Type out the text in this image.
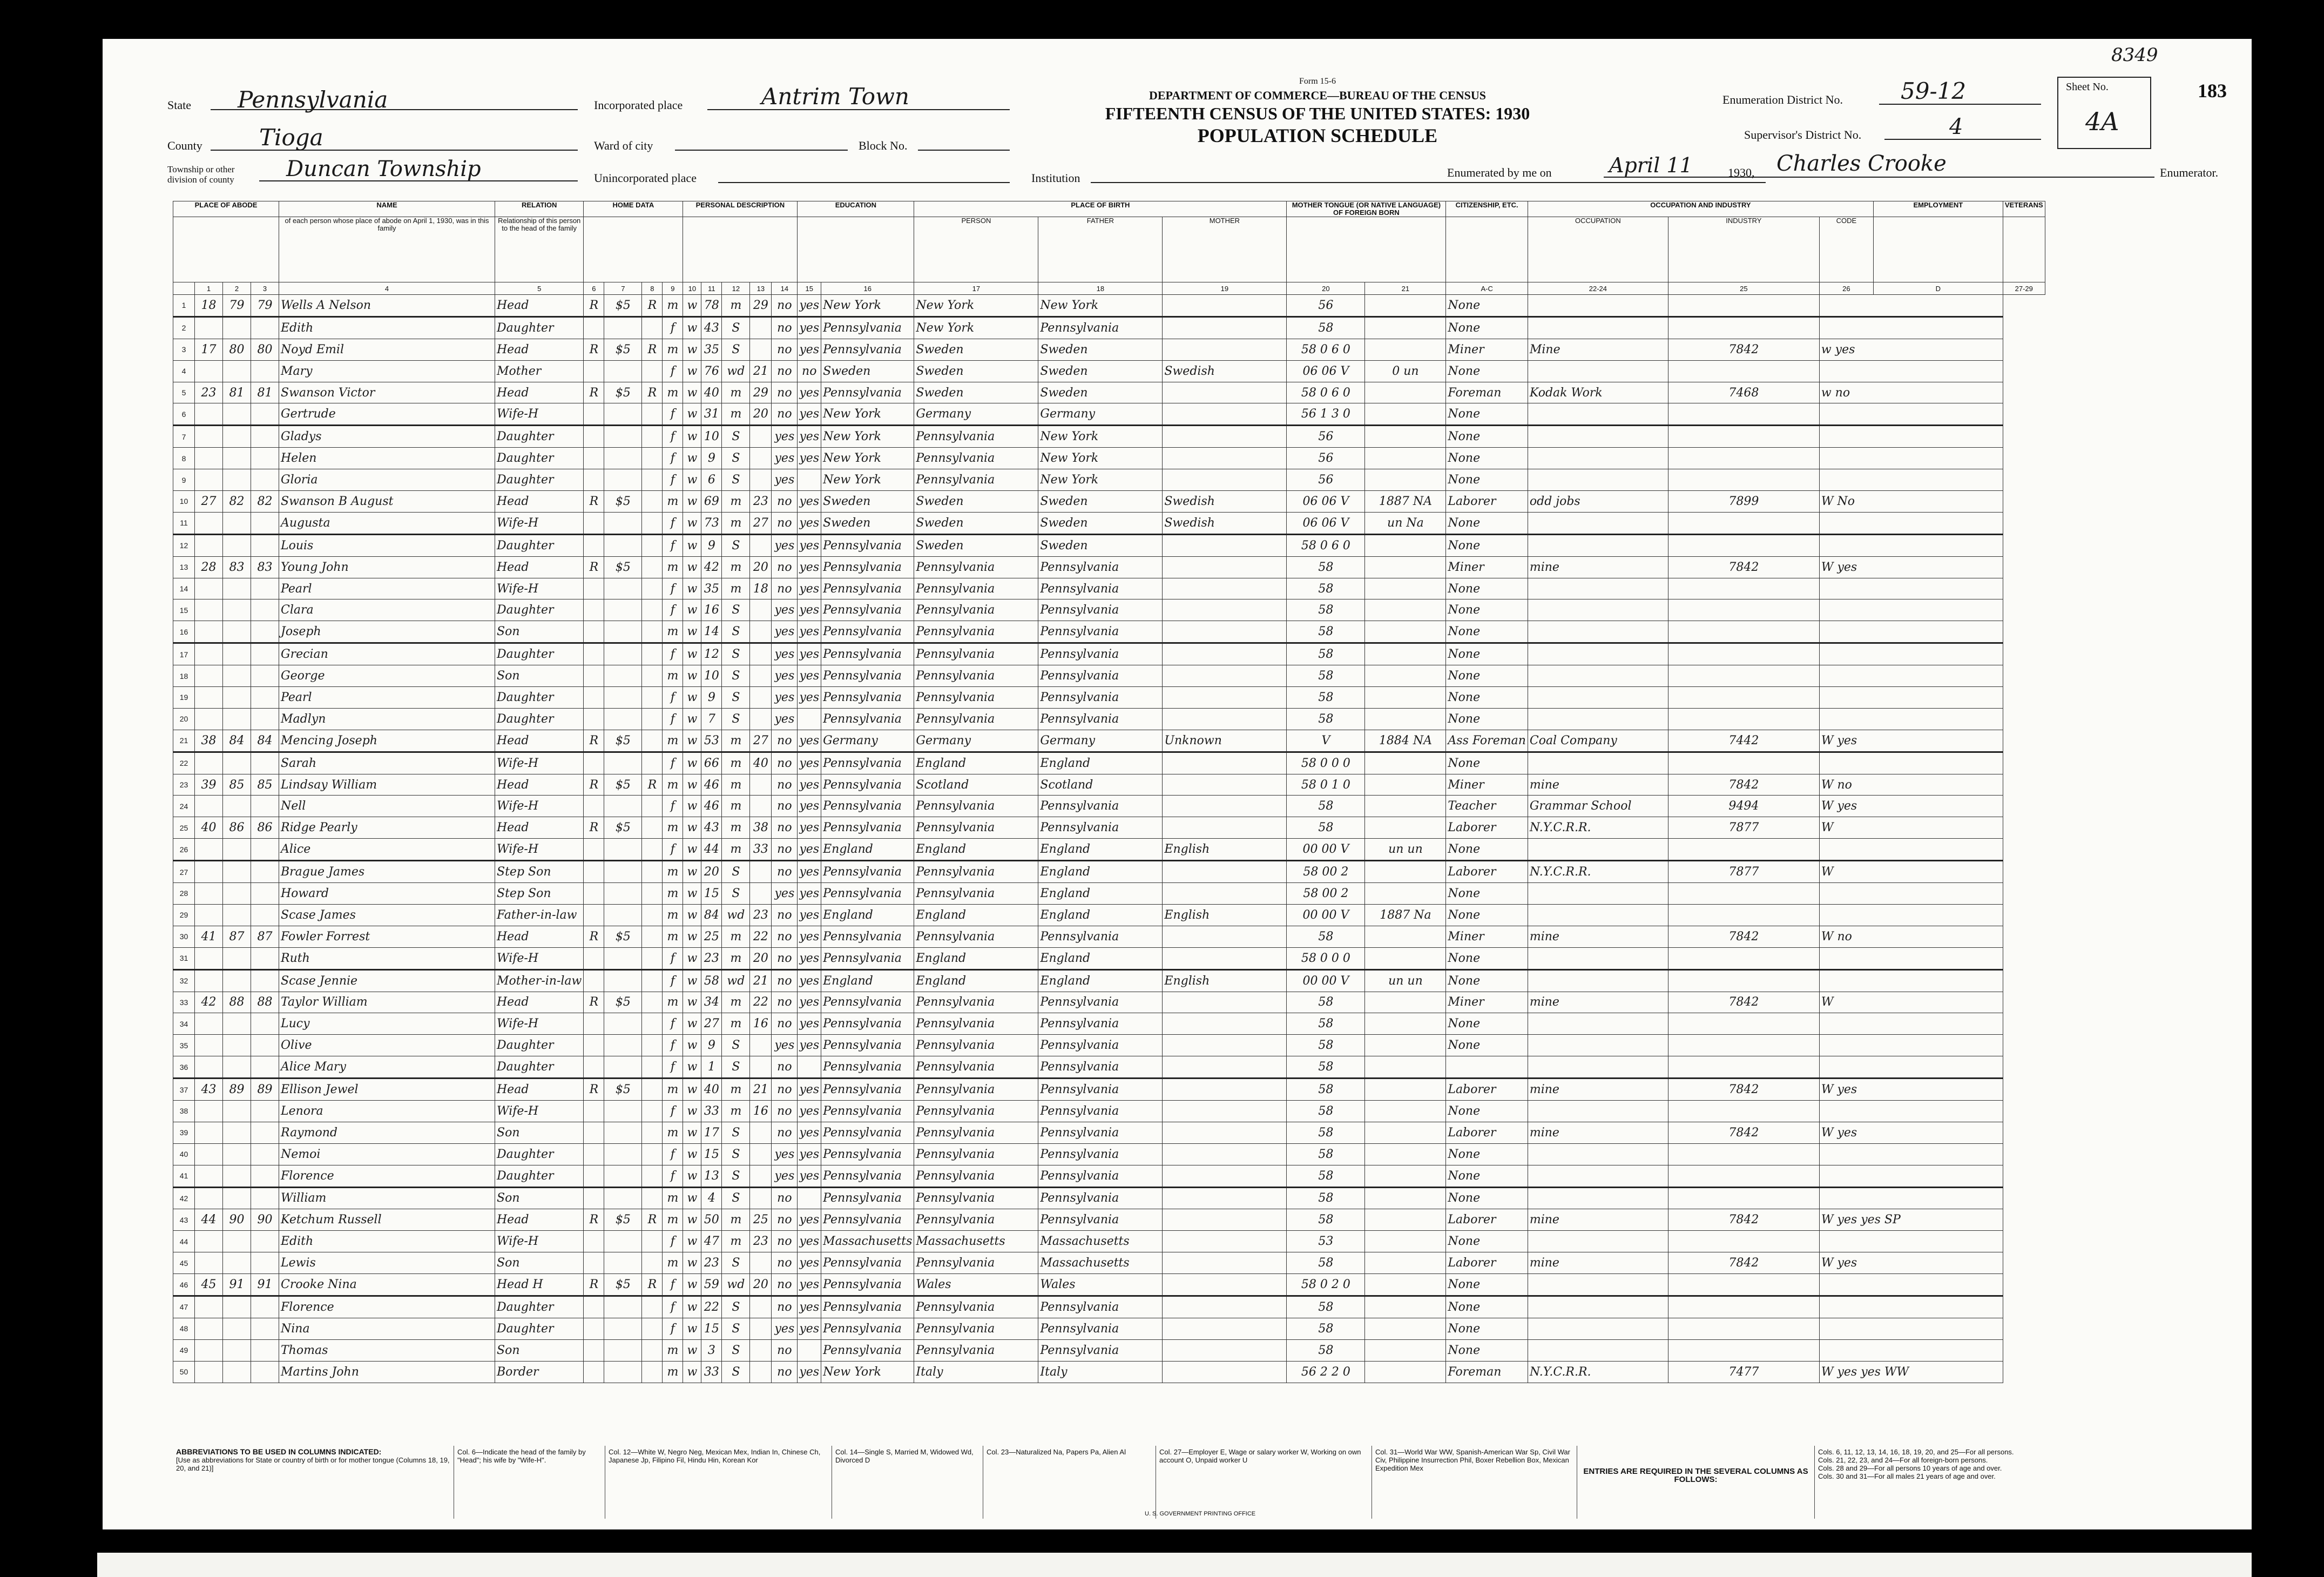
State Pennsylvania
County	Tioga
Township or other division of county	Duncan Township
Incorporated place	Antrim Town
Ward of city	Block No.
Unincorporated place
Form 15-6
DEPARTMENT OF COMMERCE—BUREAU OF THE CENSUS
FIFTEENTH CENSUS OF THE UNITED STATES: 1930
POPULATION SCHEDULE
Institution
8349
183
Enumeration District No.	59-12
Supervisor's District No.	4
Sheet No.
4A
Enumerated by me on	April 11	1930, Charles Crooke	Enumerator.
PLACE OF ABODE				NAME	RELATION	HOME DATA				PERSONAL DESCRIPTION					EDUCATION		PLACE OF BIRTH			MOTHER TONGUE (OR NATIVE LANGUAGE) OF FOREIGN BORN		CITIZENSHIP, ETC.	OCCUPATION AND INDUSTRY			EMPLOYMENT	VETERANS
				of each person whose place of abode on April 1, 1930, was in this family	Relationship of this person to the head of the family												PERSON	FATHER	MOTHER				OCCUPATION	INDUSTRY	CODE		
	1	2	3	4	5	6	7	8	9	10	11	12	13	14	15	16	17	18	19	20	21	A-C	22-24	25	26	D	27-29
1	18	79	79	Wells A Nelson	Head	R	$5	R	m	w	78	m	29	no	yes	New York	New York	New York		56		None					
2				Edith	Daughter				f	w	43	S		no	yes	Pennsylvania	New York	Pennsylvania		58		None					
3	17	80	80	Noyd Emil	Head	R	$5	R	m	w	35	S		no	yes	Pennsylvania	Sweden	Sweden		58 0 6 0		Miner	Mine	7842	w yes		
4				Mary	Mother				f	w	76	wd	21	no	no	Sweden	Sweden	Sweden	Swedish	06 06 V	0 un	None					
5	23	81	81	Swanson Victor	Head	R	$5	R	m	w	40	m	29	no	yes	Pennsylvania	Sweden	Sweden		58 0 6 0		Foreman	Kodak Work	7468	w no		
6				Gertrude	Wife-H				f	w	31	m	20	no	yes	New York	Germany	Germany		56 1 3 0		None					
7				Gladys	Daughter				f	w	10	S		yes	yes	New York	Pennsylvania	New York		56		None					
8				Helen	Daughter				f	w	9	S		yes	yes	New York	Pennsylvania	New York		56		None					
9				Gloria	Daughter				f	w	6	S		yes		New York	Pennsylvania	New York		56		None					
10	27	82	82	Swanson B August	Head	R	$5		m	w	69	m	23	no	yes	Sweden	Sweden	Sweden	Swedish	06 06 V	1887 NA	Laborer	odd jobs	7899	W No		
11				Augusta	Wife-H				f	w	73	m	27	no	yes	Sweden	Sweden	Sweden	Swedish	06 06 V	un Na	None					
12				Louis	Daughter				f	w	9	S		yes	yes	Pennsylvania	Sweden	Sweden		58 0 6 0		None					
13	28	83	83	Young John	Head	R	$5		m	w	42	m	20	no	yes	Pennsylvania	Pennsylvania	Pennsylvania		58		Miner	mine	7842	W yes		
14				Pearl	Wife-H				f	w	35	m	18	no	yes	Pennsylvania	Pennsylvania	Pennsylvania		58		None					
15				Clara	Daughter				f	w	16	S		yes	yes	Pennsylvania	Pennsylvania	Pennsylvania		58		None					
16				Joseph	Son				m	w	14	S		yes	yes	Pennsylvania	Pennsylvania	Pennsylvania		58		None					
17				Grecian	Daughter				f	w	12	S		yes	yes	Pennsylvania	Pennsylvania	Pennsylvania		58		None					
18				George	Son				m	w	10	S		yes	yes	Pennsylvania	Pennsylvania	Pennsylvania		58		None					
19				Pearl	Daughter				f	w	9	S		yes	yes	Pennsylvania	Pennsylvania	Pennsylvania		58		None					
20				Madlyn	Daughter				f	w	7	S		yes		Pennsylvania	Pennsylvania	Pennsylvania		58		None					
21	38	84	84	Mencing Joseph	Head	R	$5		m	w	53	m	27	no	yes	Germany	Germany	Germany	Unknown	V	1884 NA	Ass Foreman	Coal Company	7442	W yes		
22				Sarah	Wife-H				f	w	66	m	40	no	yes	Pennsylvania	England	England		58 0 0 0		None					
23	39	85	85	Lindsay William	Head	R	$5	R	m	w	46	m		no	yes	Pennsylvania	Scotland	Scotland		58 0 1 0		Miner	mine	7842	W no		
24				Nell	Wife-H				f	w	46	m		no	yes	Pennsylvania	Pennsylvania	Pennsylvania		58		Teacher	Grammar School	9494	W yes		
25	40	86	86	Ridge Pearly	Head	R	$5		m	w	43	m	38	no	yes	Pennsylvania	Pennsylvania	Pennsylvania		58		Laborer	N.Y.C.R.R.	7877	W		
26				Alice	Wife-H				f	w	44	m	33	no	yes	England	England	England	English	00 00 V	un un	None					
27				Brague James	Step Son				m	w	20	S		no	yes	Pennsylvania	Pennsylvania	England		58 00 2		Laborer	N.Y.C.R.R.	7877	W		
28				Howard	Step Son				m	w	15	S		yes	yes	Pennsylvania	Pennsylvania	England		58 00 2		None					
29				Scase James	Father-in-law				m	w	84	wd	23	no	yes	England	England	England	English	00 00 V	1887 Na	None					
30	41	87	87	Fowler Forrest	Head	R	$5		m	w	25	m	22	no	yes	Pennsylvania	Pennsylvania	Pennsylvania		58		Miner	mine	7842	W no		
31				Ruth	Wife-H				f	w	23	m	20	no	yes	Pennsylvania	England	England		58 0 0 0		None					
32				Scase Jennie	Mother-in-law				f	w	58	wd	21	no	yes	England	England	England	English	00 00 V	un un	None					
33	42	88	88	Taylor William	Head	R	$5		m	w	34	m	22	no	yes	Pennsylvania	Pennsylvania	Pennsylvania		58		Miner	mine	7842	W		
34				Lucy	Wife-H				f	w	27	m	16	no	yes	Pennsylvania	Pennsylvania	Pennsylvania		58		None					
35				Olive	Daughter				f	w	9	S		yes	yes	Pennsylvania	Pennsylvania	Pennsylvania		58		None					
36				Alice Mary	Daughter				f	w	1	S		no		Pennsylvania	Pennsylvania	Pennsylvania		58							
37	43	89	89	Ellison Jewel	Head	R	$5		m	w	40	m	21	no	yes	Pennsylvania	Pennsylvania	Pennsylvania		58		Laborer	mine	7842	W yes		
38				Lenora	Wife-H				f	w	33	m	16	no	yes	Pennsylvania	Pennsylvania	Pennsylvania		58		None					
39				Raymond	Son				m	w	17	S		no	yes	Pennsylvania	Pennsylvania	Pennsylvania		58		Laborer	mine	7842	W yes		
40				Nemoi	Daughter				f	w	15	S		yes	yes	Pennsylvania	Pennsylvania	Pennsylvania		58		None					
41				Florence	Daughter				f	w	13	S		yes	yes	Pennsylvania	Pennsylvania	Pennsylvania		58		None					
42				William	Son				m	w	4	S		no		Pennsylvania	Pennsylvania	Pennsylvania		58		None					
43	44	90	90	Ketchum Russell	Head	R	$5	R	m	w	50	m	25	no	yes	Pennsylvania	Pennsylvania	Pennsylvania		58		Laborer	mine	7842	W yes yes SP		
44				Edith	Wife-H				f	w	47	m	23	no	yes	Massachusetts	Massachusetts	Massachusetts		53		None					
45				Lewis	Son				m	w	23	S		no	yes	Pennsylvania	Pennsylvania	Massachusetts		58		Laborer	mine	7842	W yes		
46	45	91	91	Crooke Nina	Head H	R	$5	R	f	w	59	wd	20	no	yes	Pennsylvania	Wales	Wales		58 0 2 0		None					
47				Florence	Daughter				f	w	22	S		no	yes	Pennsylvania	Pennsylvania	Pennsylvania		58		None					
48				Nina	Daughter				f	w	15	S		yes	yes	Pennsylvania	Pennsylvania	Pennsylvania		58		None					
49				Thomas	Son				m	w	3	S		no		Pennsylvania	Pennsylvania	Pennsylvania		58		None					
50				Martins John	Border				m	w	33	S		no	yes	New York	Italy	Italy		56 2 2 0		Foreman	N.Y.C.R.R.	7477	W yes yes WW		
ABBREVIATIONS TO BE USED IN COLUMNS INDICATED:
[Use as abbreviations for State or country of birth or for mother tongue (Columns 18, 19, 20, and 21)]
Col. 6—Indicate the head of the family by "Head"; his wife by "Wife-H".
Col. 12—White W, Negro Neg, Mexican Mex, Indian In, Chinese Ch, Japanese Jp, Filipino Fil, Hindu Hin, Korean Kor
Col. 14—Single S, Married M, Widowed Wd, Divorced D
Col. 23—Naturalized Na, Papers Pa, Alien Al	Col. 27—Employer E, Wage or salary worker W, Working on own account O, Unpaid worker U
Col. 31—World War WW, Spanish-American War Sp, Civil War Civ, Philippine Insurrection Phil, Boxer Rebellion Box, Mexican Expedition Mex	ENTRIES ARE REQUIRED IN THE SEVERAL COLUMNS AS FOLLOWS:
Cols. 6, 11, 12, 13, 14, 16, 18, 19, 20, and 25—For all persons.
Cols. 21, 22, 23, and 24—For all foreign-born persons.
Cols. 28 and 29—For all persons 10 years of age and over.
Cols. 30 and 31—For all males 21 years of age and over.
U. S. GOVERNMENT PRINTING OFFICE
